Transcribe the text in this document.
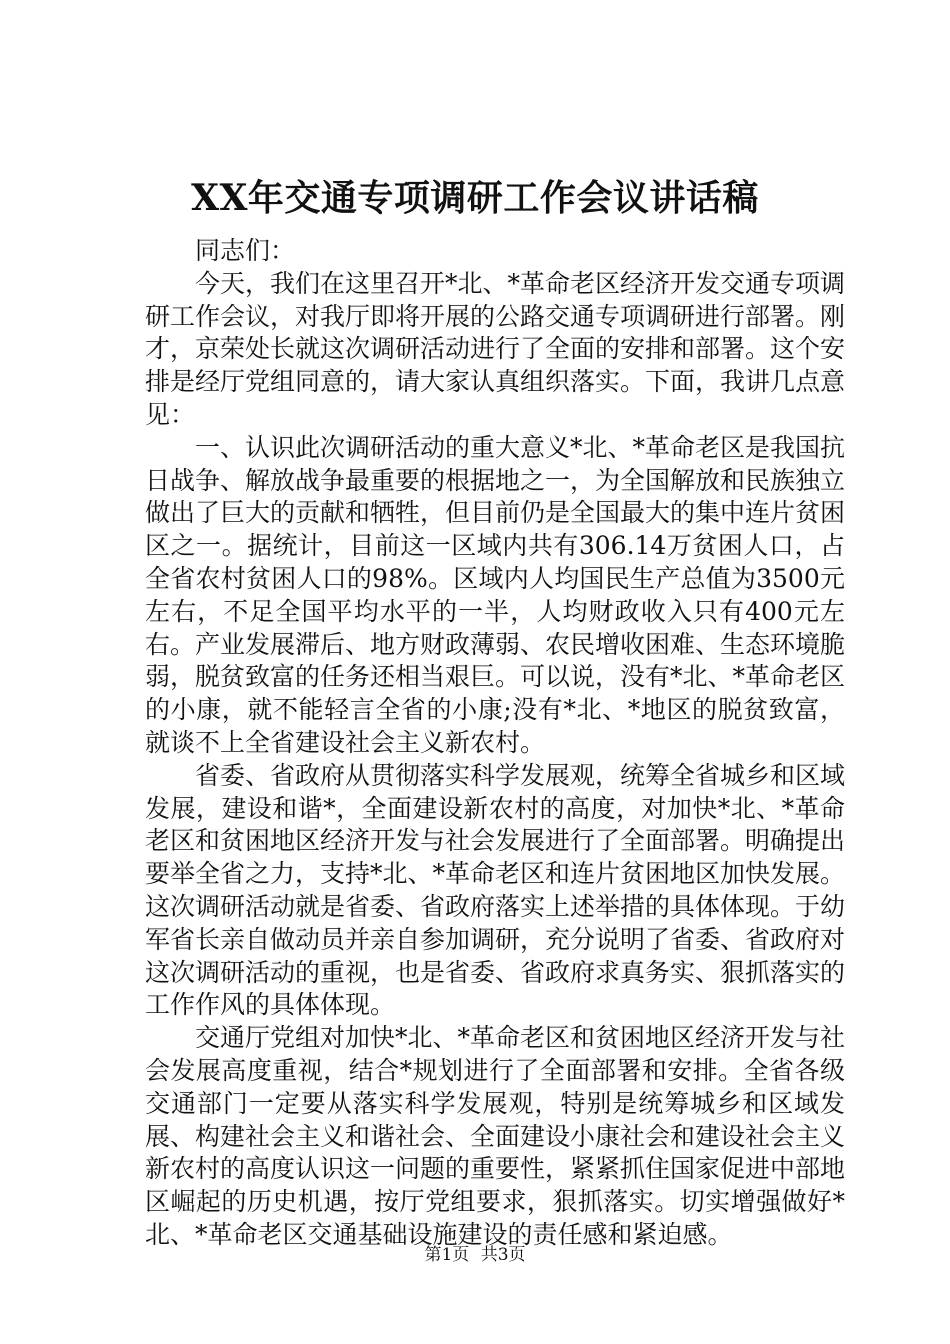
XX年交通专项调研工作会议讲话稿

同志们：

今天，我们在这里召开*北、*革命老区经济开发交通专项调研工作会议，对我厅即将开展的公路交通专项调研进行部署。刚才，京荣处长就这次调研活动进行了全面的安排和部署。这个安排是经厅党组同意的，请大家认真组织落实。下面，我讲几点意见：

一、认识此次调研活动的重大意义*北、*革命老区是我国抗日战争、解放战争最重要的根据地之一，为全国解放和民族独立做出了巨大的贡献和牺牲，但目前仍是全国最大的集中连片贫困区之一。据统计，目前这一区域内共有306.14万贫困人口，占全省农村贫困人口的98%。区域内人均国民生产总值为3500元左右，不足全国平均水平的一半，人均财政收入只有400元左右。产业发展滞后、地方财政薄弱、农民增收困难、生态环境脆弱，脱贫致富的任务还相当艰巨。可以说，没有*北、*革命老区的小康，就不能轻言全省的小康;没有*北、*地区的脱贫致富，就谈不上全省建设社会主义新农村。

省委、省政府从贯彻落实科学发展观，统筹全省城乡和区域发展，建设和谐*，全面建设新农村的高度，对加快*北、*革命老区和贫困地区经济开发与社会发展进行了全面部署。明确提出要举全省之力，支持*北、*革命老区和连片贫困地区加快发展。这次调研活动就是省委、省政府落实上述举措的具体体现。于幼军省长亲自做动员并亲自参加调研，充分说明了省委、省政府对这次调研活动的重视，也是省委、省政府求真务实、狠抓落实的工作作风的具体体现。

交通厅党组对加快*北、*革命老区和贫困地区经济开发与社会发展高度重视，结合*规划进行了全面部署和安排。全省各级交通部门一定要从落实科学发展观，特别是统筹城乡和区域发展、构建社会主义和谐社会、全面建设小康社会和建设社会主义新农村的高度认识这一问题的重要性，紧紧抓住国家促进中部地区崛起的历史机遇，按厅党组要求，狠抓落实。切实增强做好*北、*革命老区交通基础设施建设的责任感和紧迫感。

第1页 共3页
